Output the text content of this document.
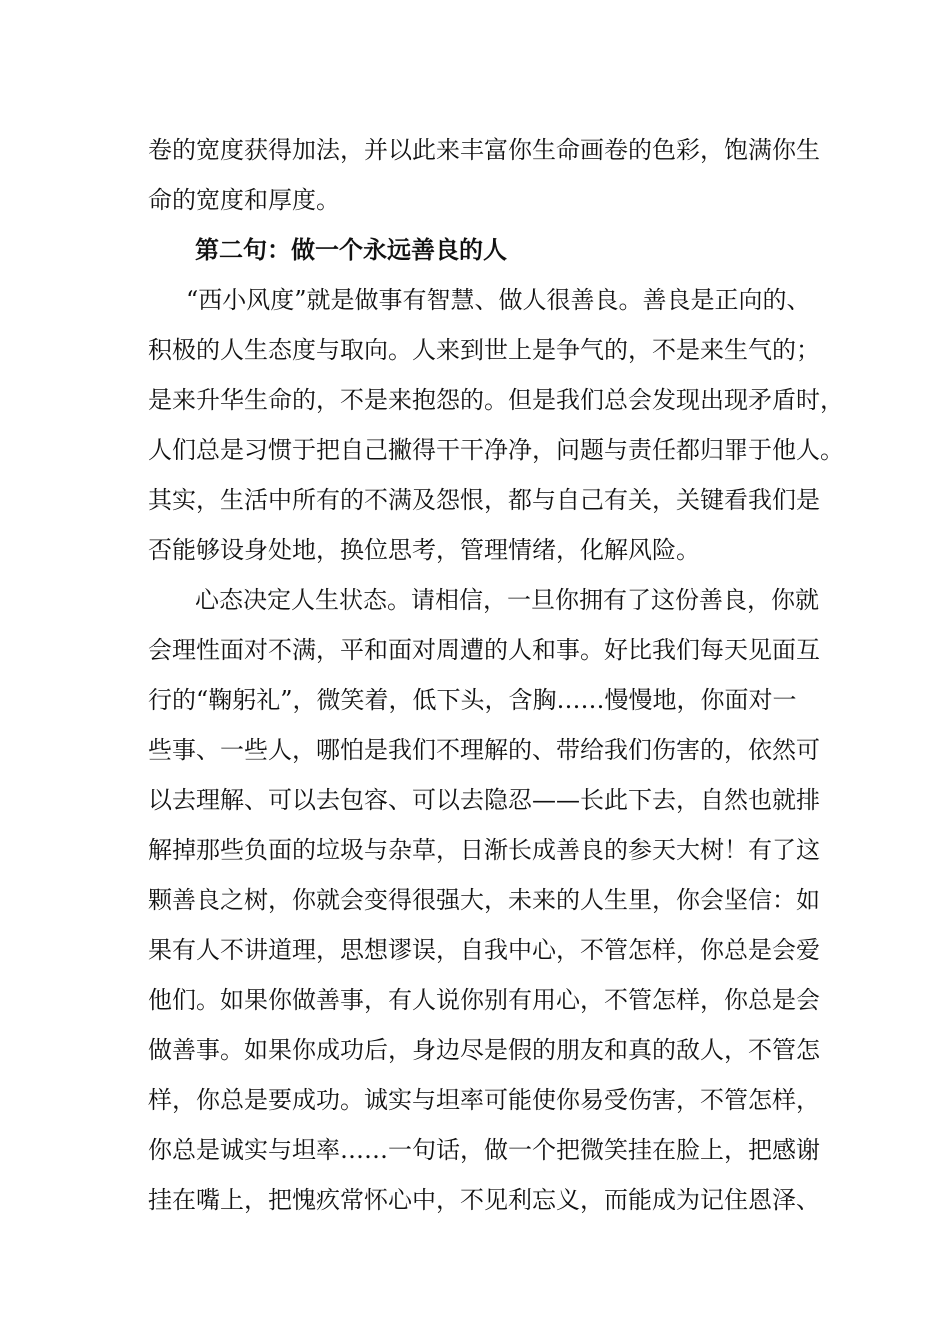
卷的宽度获得加法，并以此来丰富你生命画卷的色彩，饱满你生
命的宽度和厚度。
第二句：做一个永远善良的人
“西小风度”就是做事有智慧、做人很善良。善良是正向的、
积极的人生态度与取向。人来到世上是争气的，不是来生气的；
是来升华生命的，不是来抱怨的。但是我们总会发现出现矛盾时，
人们总是习惯于把自己撇得干干净净，问题与责任都归罪于他人。
其实，生活中所有的不满及怨恨，都与自己有关，关键看我们是
否能够设身处地，换位思考，管理情绪，化解风险。
心态决定人生状态。请相信，一旦你拥有了这份善良，你就
会理性面对不满，平和面对周遭的人和事。好比我们每天见面互
行的“鞠躬礼”，微笑着，低下头，含胸……慢慢地，你面对一
些事、一些人，哪怕是我们不理解的、带给我们伤害的，依然可
以去理解、可以去包容、可以去隐忍——长此下去，自然也就排
解掉那些负面的垃圾与杂草，日渐长成善良的参天大树！有了这
颗善良之树，你就会变得很强大，未来的人生里，你会坚信：如
果有人不讲道理，思想谬误，自我中心，不管怎样，你总是会爱
他们。如果你做善事，有人说你别有用心，不管怎样，你总是会
做善事。如果你成功后，身边尽是假的朋友和真的敌人，不管怎
样，你总是要成功。诚实与坦率可能使你易受伤害，不管怎样，
你总是诚实与坦率……一句话，做一个把微笑挂在脸上，把感谢
挂在嘴上，把愧疚常怀心中，不见利忘义，而能成为记住恩泽、
